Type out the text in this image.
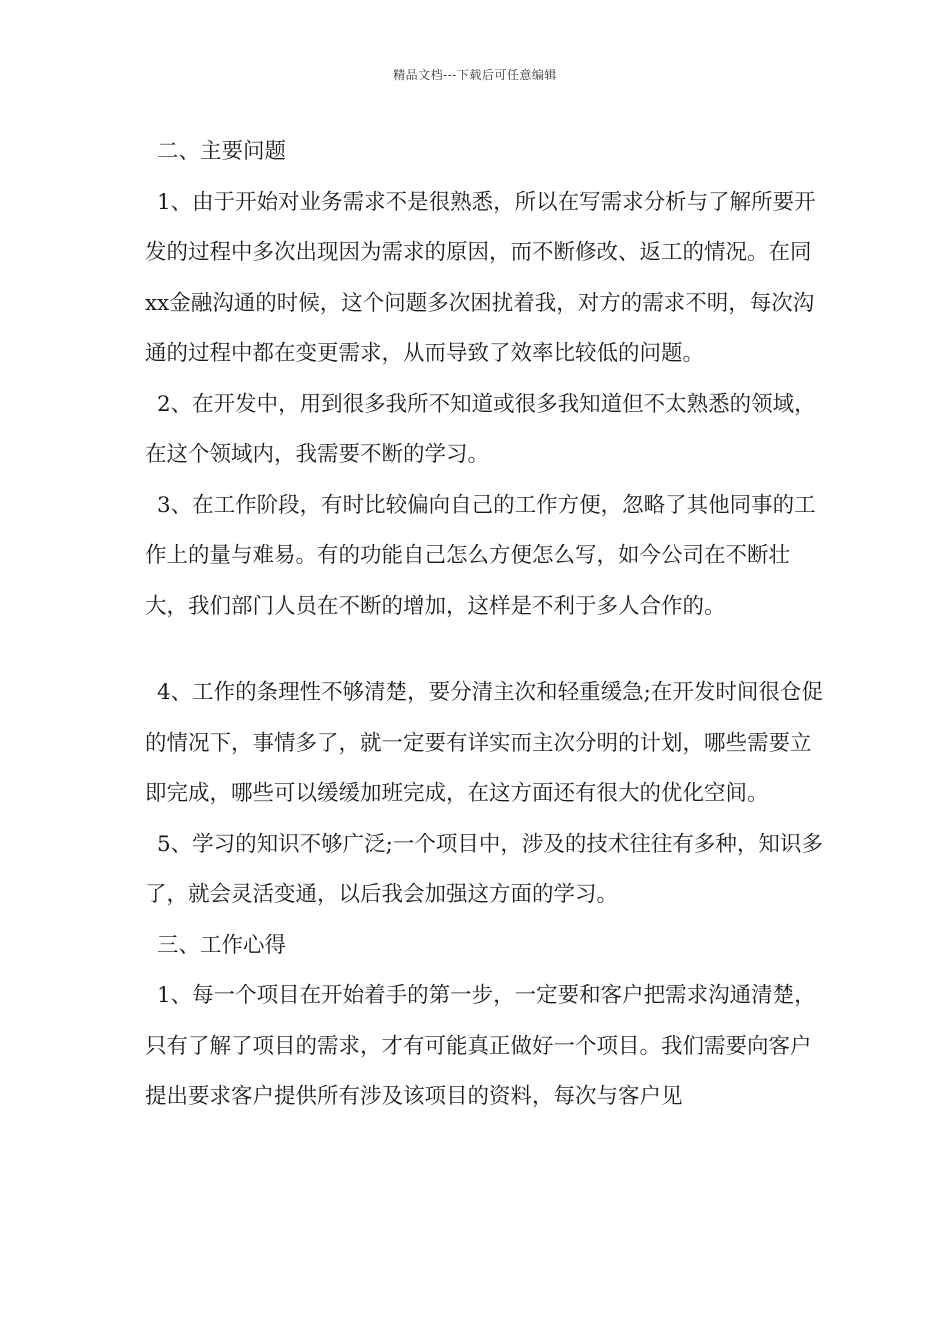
精品文档---下载后可任意编辑

二、主要问题

1、由于开始对业务需求不是很熟悉，所以在写需求分析与了解所要开发的过程中多次出现因为需求的原因，而不断修改、返工的情况。在同xx金融沟通的时候，这个问题多次困扰着我，对方的需求不明，每次沟通的过程中都在变更需求，从而导致了效率比较低的问题。

2、在开发中，用到很多我所不知道或很多我知道但不太熟悉的领域，在这个领域内，我需要不断的学习。

3、在工作阶段，有时比较偏向自己的工作方便，忽略了其他同事的工作上的量与难易。有的功能自己怎么方便怎么写，如今公司在不断壮大，我们部门人员在不断的增加，这样是不利于多人合作的。

4、工作的条理性不够清楚，要分清主次和轻重缓急;在开发时间很仓促的情况下，事情多了，就一定要有详实而主次分明的计划，哪些需要立即完成，哪些可以缓缓加班完成，在这方面还有很大的优化空间。

5、学习的知识不够广泛;一个项目中，涉及的技术往往有多种，知识多了，就会灵活变通，以后我会加强这方面的学习。

三、工作心得

1、每一个项目在开始着手的第一步，一定要和客户把需求沟通清楚，只有了解了项目的需求，才有可能真正做好一个项目。我们需要向客户提出要求客户提供所有涉及该项目的资料，每次与客户见
